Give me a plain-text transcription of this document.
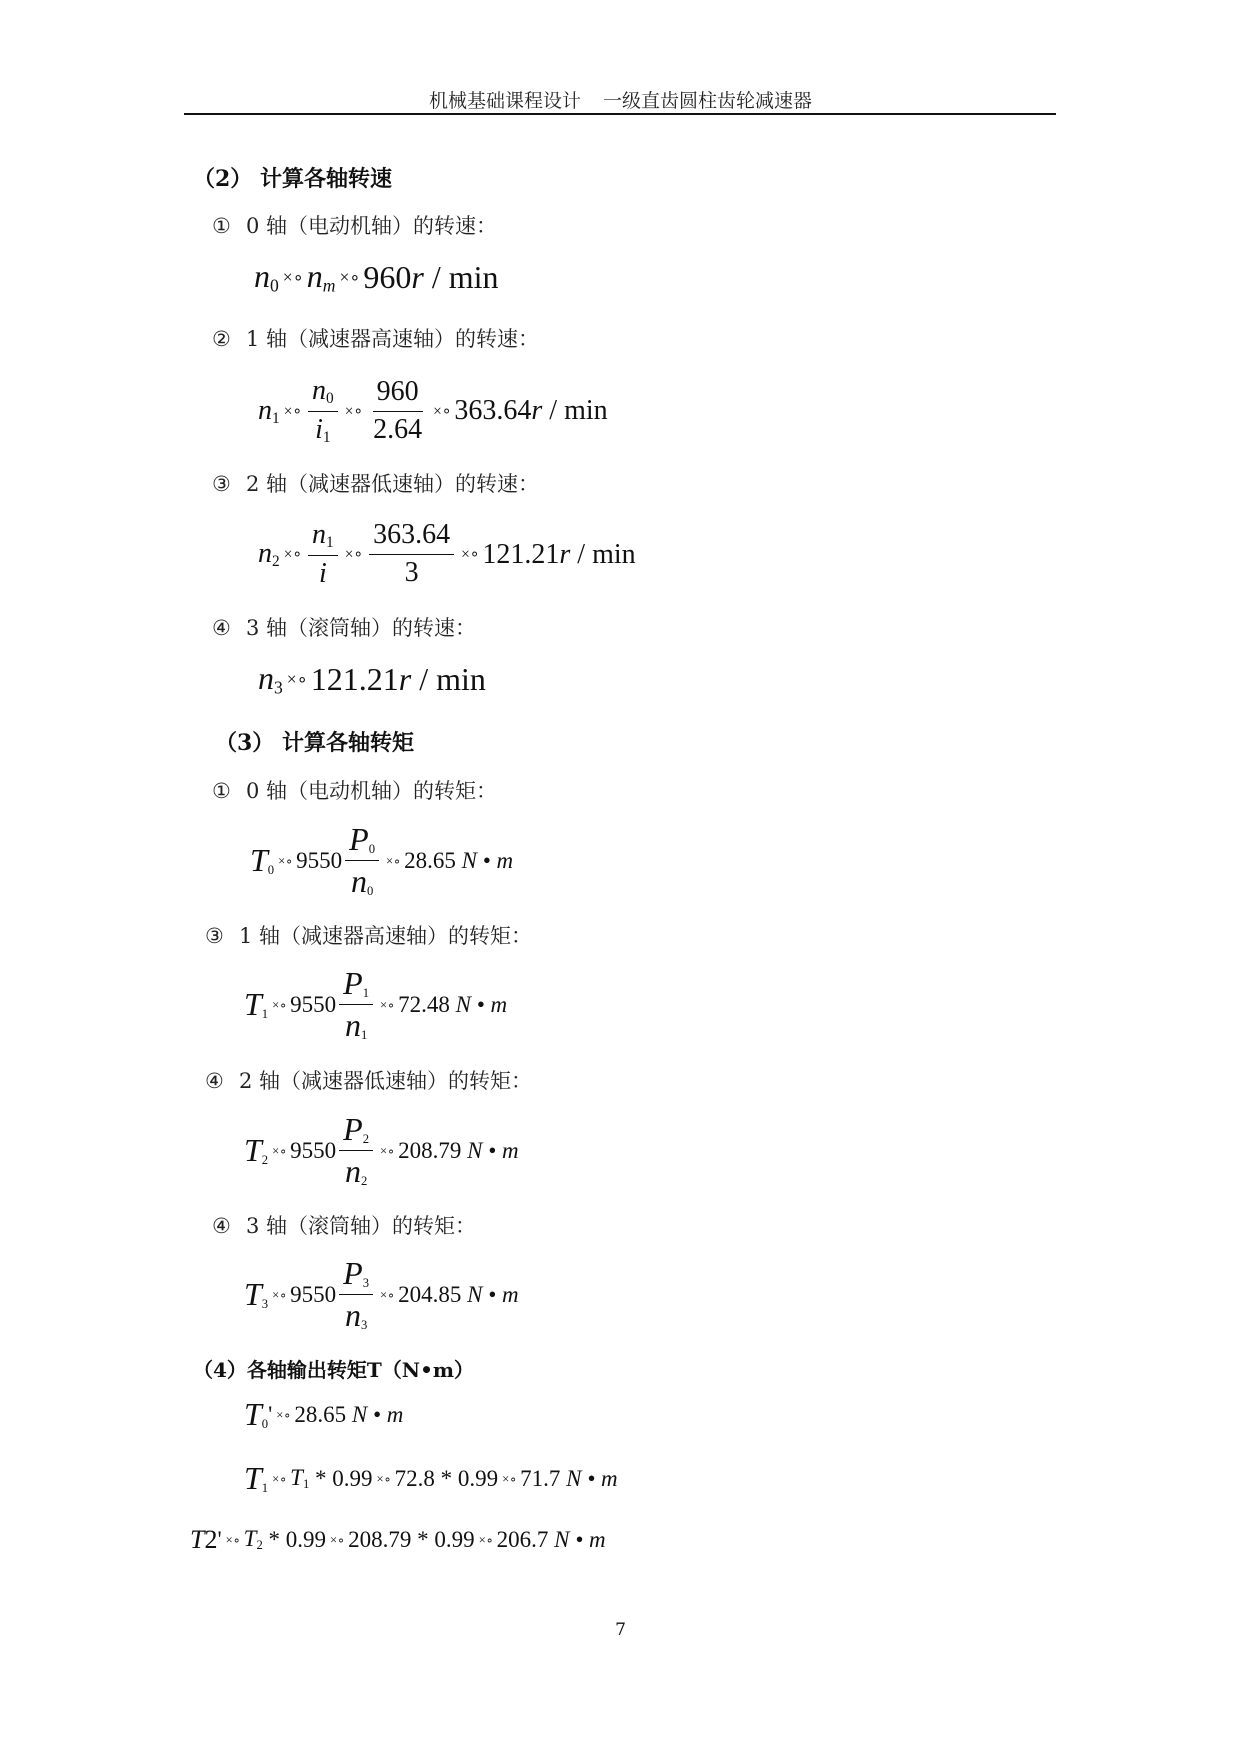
机械基础课程设计 一级直齿圆柱齿轮减速器
（2） 计算各轴转速
① 0 轴（电动机轴）的转速：
$n_0$ ×∘ $n_m$ ×∘ 960 r
/ min
② 1 轴（减速器高速轴）的转速：
$n_1$ ×∘ $\frac{n_0}{i_1}$ ×∘ $\frac{960}{2.64}$ ×∘ 363.64 r
/ min
③ 2 轴（减速器低速轴）的转速：
$n_2$ ×∘ $\frac{n_1}{i}$ ×∘ $\frac{363.64}{3}$ ×∘ 121.21 r
/ min
④ 3 轴（滚筒轴）的转速：
$n_3$ ×∘ 121.21 r
/ min
（3） 计算各轴转矩
① 0 轴（电动机轴）的转矩：
$T_0$
×∘ $9550 \frac{P_0}{n_0}$ ×∘ 28.65
N • m
③ 1 轴（减速器高速轴）的转矩：
$T_1$
×∘ $9550 \frac{P_1}{n_1}$ ×∘ 72.48
N • m
④ 2 轴（减速器低速轴）的转矩：
$T_2$
×∘ $9550 \frac{P_2}{n_2}$ ×∘ 208.79
N • m
④ 3 轴（滚筒轴）的转矩：
$T_3$
×∘ $9550 \frac{P_3}{n_3}$ ×∘ 204.85
N • m
（4）各轴输出转矩T（N•m）
$T_0$ ' ×∘ 28.65
N • m
$T_1$
×∘ $T_1$
* 0.99 ×∘ 72.8 * 0.99 ×∘ 71.7
N • m
T2 ' ×∘ $T_2$
* 0.99 ×∘ 208.79 * 0.99 ×∘ 206.7
N • m
7
